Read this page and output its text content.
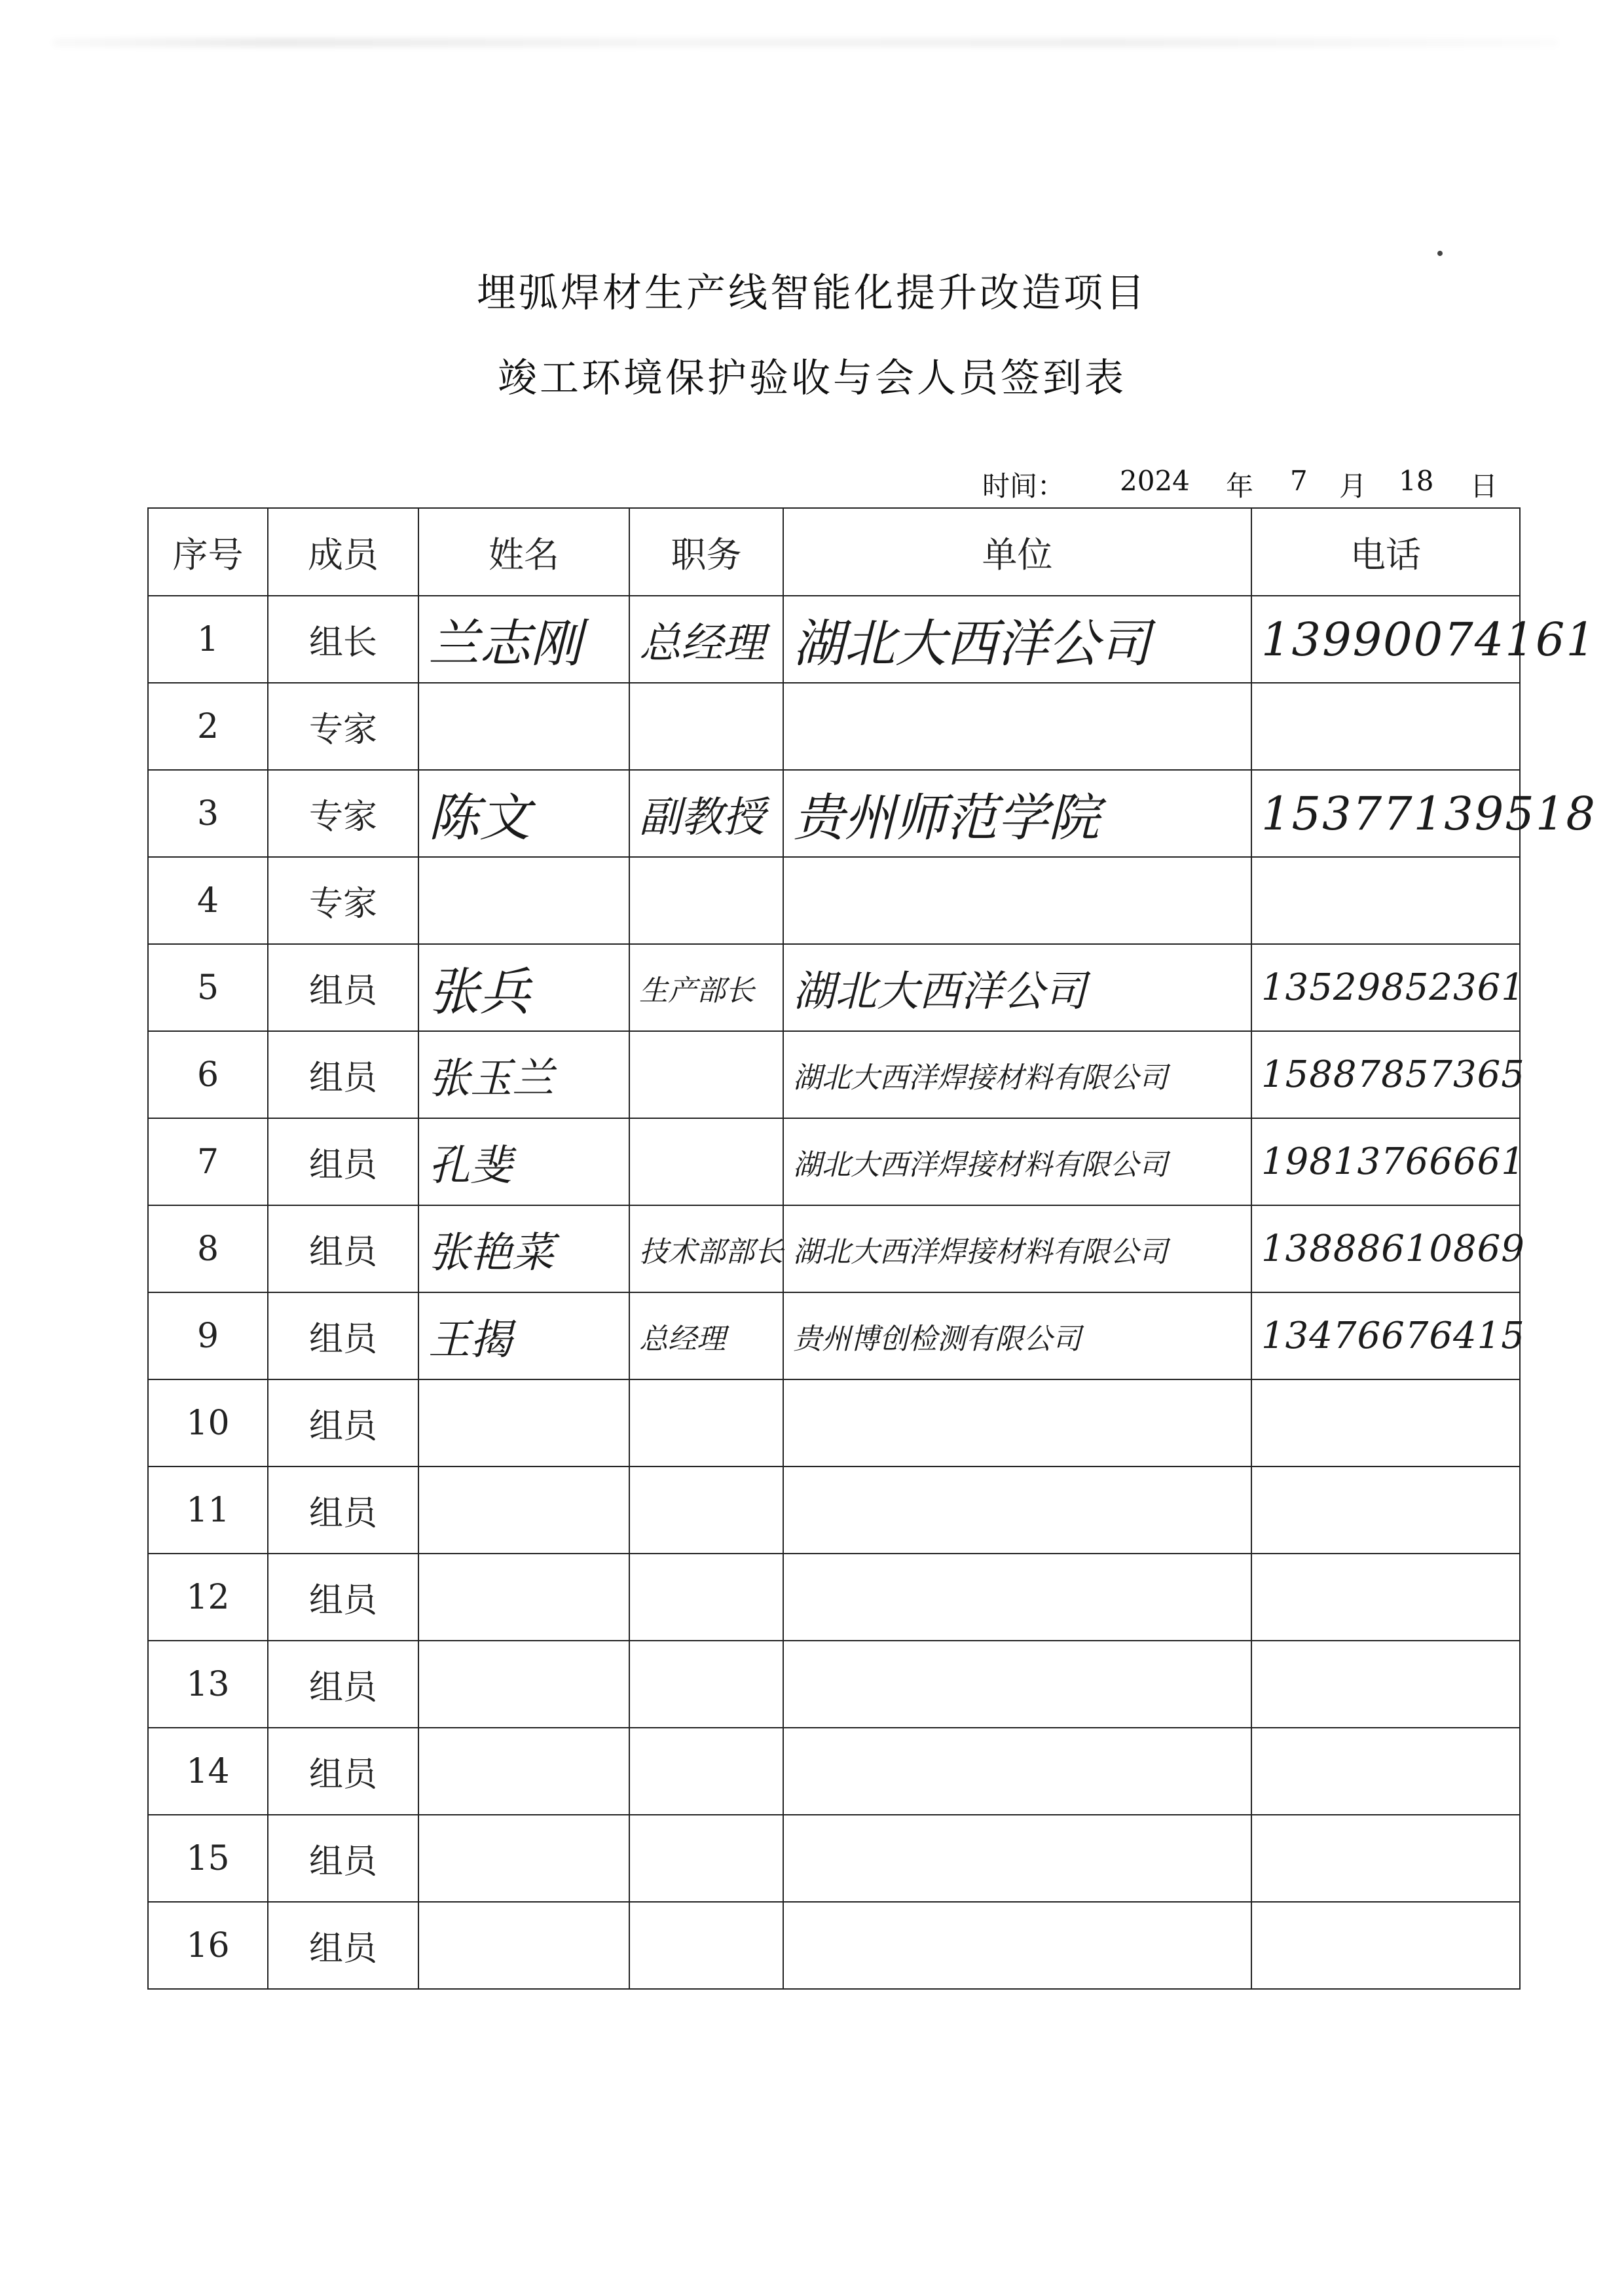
埋弧焊材生产线智能化提升改造项目
竣工环境保护验收与会人员签到表
时间： 2024 年 7 月 18 日
序号	成员	姓名	职务	单位	电话
1	组长	兰志刚	总经理	湖北大西洋公司	13990074161

2	专家	

3	专家	陈文	副教授	贵州师范学院	15377139518

4	专家	

5	组员	张兵	生产部长	湖北大西洋公司	13529852361

6	组员	张玉兰		湖北大西洋焊接材料有限公司	15887857365

7	组员	孔斐		湖北大西洋焊接材料有限公司	19813766661

8	组员	张艳菜	技术部部长	湖北大西洋焊接材料有限公司	13888610869

9	组员	王揭	总经理	贵州博创检测有限公司	13476676415

10	组员	

11	组员	

12	组员	

13	组员	

14	组员	

15	组员	

16	组员	
